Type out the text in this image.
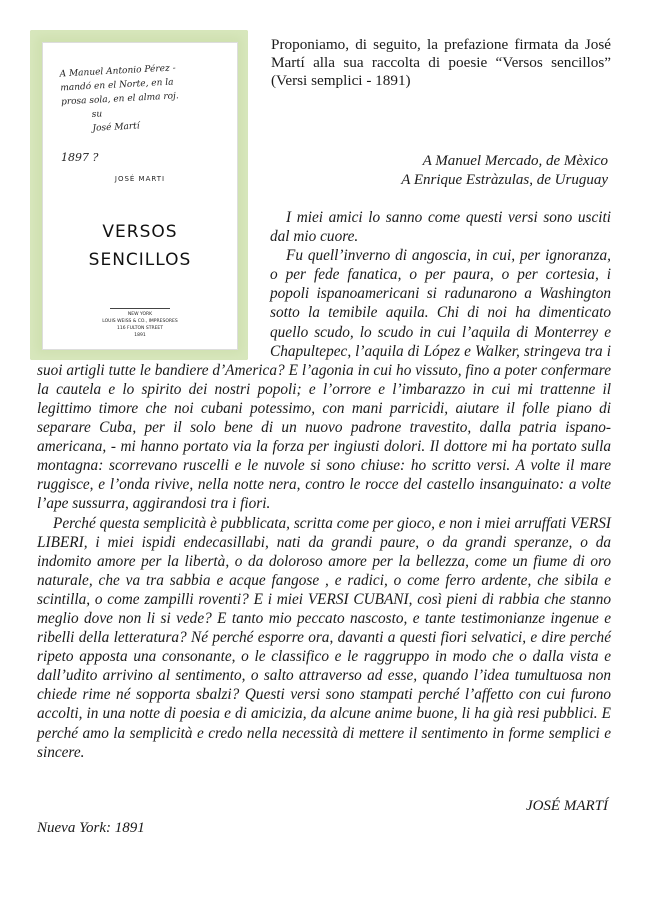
A Manuel Antonio Pérez -
mandó en el Norte, en la
prosa sola, en el alma roj.
su
José Martí
1897 ?
JOSÉ MARTI
VERSOS
SENCILLOS
NEW YORK
LOUIS WEISS & CO., IMPRESORES
116 FULTON STREET
1891

Proponiamo, di seguito, la prefazione firmata da José Martí alla sua raccolta di poesie “Versos sencillos” (Versi semplici - 1891)

A Manuel Mercado, de Mèxico
A Enrique Estràzulas, de Uruguay

I miei amici lo sanno come questi versi sono usciti dal mio cuore.

Fu quell’inverno di angoscia, in cui, per ignoranza, o per fede fanatica, o per paura, o per cortesia, i popoli ispanoamericani si radunarono a Washington sotto la temibile aquila. Chi di noi ha dimenticato quello scudo, lo scudo in cui l’aquila di Monterrey e Chapultepec, l’aquila di López e Walker, stringeva tra i suoi artigli tutte le bandiere d’America? E l’agonia in cui ho vissuto, fino a poter confermare la cautela e lo spirito dei nostri popoli; e l’orrore e l’imbarazzo in cui mi trattenne il legittimo timore che noi cubani potessimo, con mani parricidi, aiutare il folle piano di separare Cuba, per il solo bene di un nuovo padrone travestito, dalla patria ispano-americana, - mi hanno portato via la forza per ingiusti dolori. Il dottore mi ha portato sulla montagna: scorrevano ruscelli e le nuvole si sono chiuse: ho scritto versi. A volte il mare ruggisce, e l’onda rivive, nella notte nera, contro le rocce del castello insanguinato: a volte l’ape sussurra, aggirandosi tra i fiori.

Perché questa semplicità è pubblicata, scritta come per gioco, e non i miei arruffati VERSI LIBERI, i miei ispidi endecasillabi, nati da grandi paure, o da grandi speranze, o da indomito amore per la libertà, o da doloroso amore per la bellezza, come un fiume di oro naturale, che va tra sabbia e acque fangose , e radici, o come ferro ardente, che sibila e scintilla, o come zampilli roventi? E i miei VERSI CUBANI, così pieni di rabbia che stanno meglio dove non li si vede? E tanto mio peccato nascosto, e tante testimonianze ingenue e ribelli della letteratura? Né perché esporre ora, davanti a questi fiori selvatici, e dire perché ripeto apposta una consonante, o le classifico e le raggruppo in modo che o dalla vista e dall’udito arrivino al sentimento, o salto attraverso ad esse, quando l’idea tumultuosa non chiede rime né sopporta sbalzi? Questi versi sono stampati perché l’affetto con cui furono accolti, in una notte di poesia e di amicizia, da alcune anime buone, li ha già resi pubblici. E perché amo la semplicità e credo nella necessità di mettere il sentimento in forme semplici e sincere.

JOSÉ MARTÍ
Nueva York: 1891
